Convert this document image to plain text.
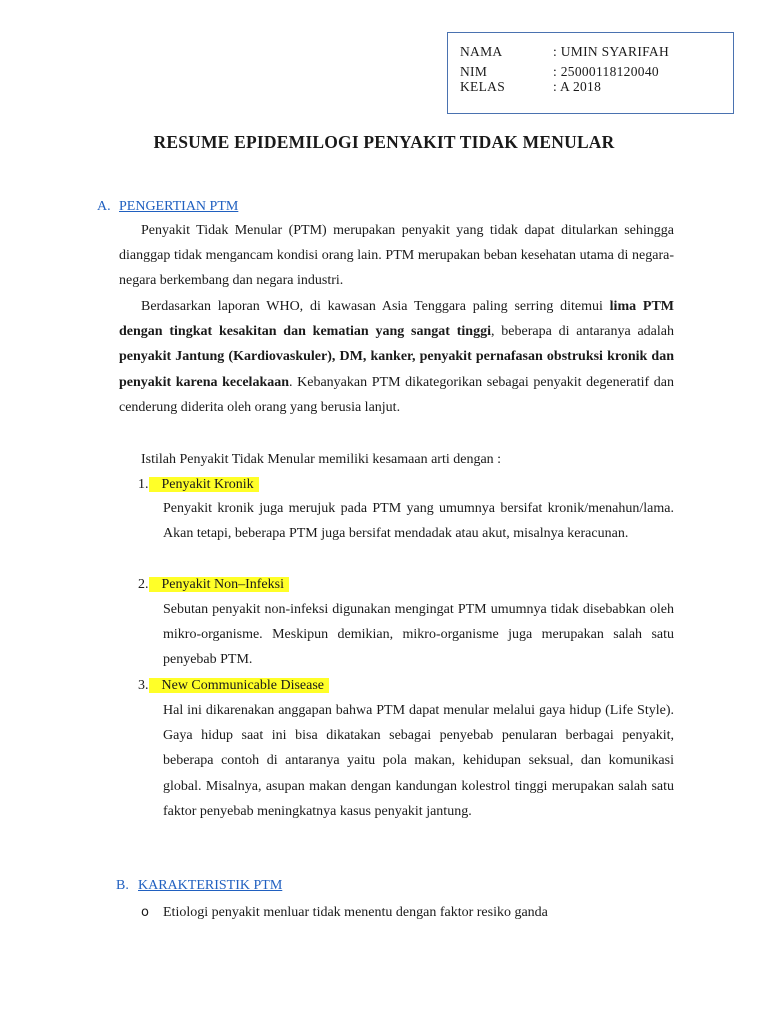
NAMA	: UMIN SYARIFAH
NIM	: 25000118120040
KELAS	: A 2018
RESUME EPIDEMILOGI PENYAKIT TIDAK MENULAR
A. PENGERTIAN PTM

Penyakit Tidak Menular (PTM) merupakan penyakit yang tidak dapat ditularkan sehingga dianggap tidak mengancam kondisi orang lain. PTM merupakan beban kesehatan utama di negara-negara berkembang dan negara industri.

Berdasarkan laporan WHO, di kawasan Asia Tenggara paling serring ditemui lima PTM dengan tingkat kesakitan dan kematian yang sangat tinggi, beberapa di antaranya adalah penyakit Jantung (Kardiovaskuler), DM, kanker, penyakit pernafasan obstruksi kronik dan penyakit karena kecelakaan. Kebanyakan PTM dikategorikan sebagai penyakit degeneratif dan cenderung diderita oleh orang yang berusia lanjut.

Istilah Penyakit Tidak Menular memiliki kesamaan arti dengan :
1. Penyakit Kronik

Penyakit kronik juga merujuk pada PTM yang umumnya bersifat kronik/menahun/lama. Akan tetapi, beberapa PTM juga bersifat mendadak atau akut, misalnya keracunan.

2. Penyakit Non–Infeksi

Sebutan penyakit non-infeksi digunakan mengingat PTM umumnya tidak disebabkan oleh mikro-organisme. Meskipun demikian, mikro-organisme juga merupakan salah satu penyebab PTM.

3. New Communicable Disease

Hal ini dikarenakan anggapan bahwa PTM dapat menular melalui gaya hidup (Life Style). Gaya hidup saat ini bisa dikatakan sebagai penyebab penularan berbagai penyakit, beberapa contoh di antaranya yaitu pola makan, kehidupan seksual, dan komunikasi global. Misalnya, asupan makan dengan kandungan kolestrol tinggi merupakan salah satu faktor penyebab meningkatnya kasus penyakit jantung.

B. KARAKTERISTIK PTM
o Etiologi penyakit menluar tidak menentu dengan faktor resiko ganda
